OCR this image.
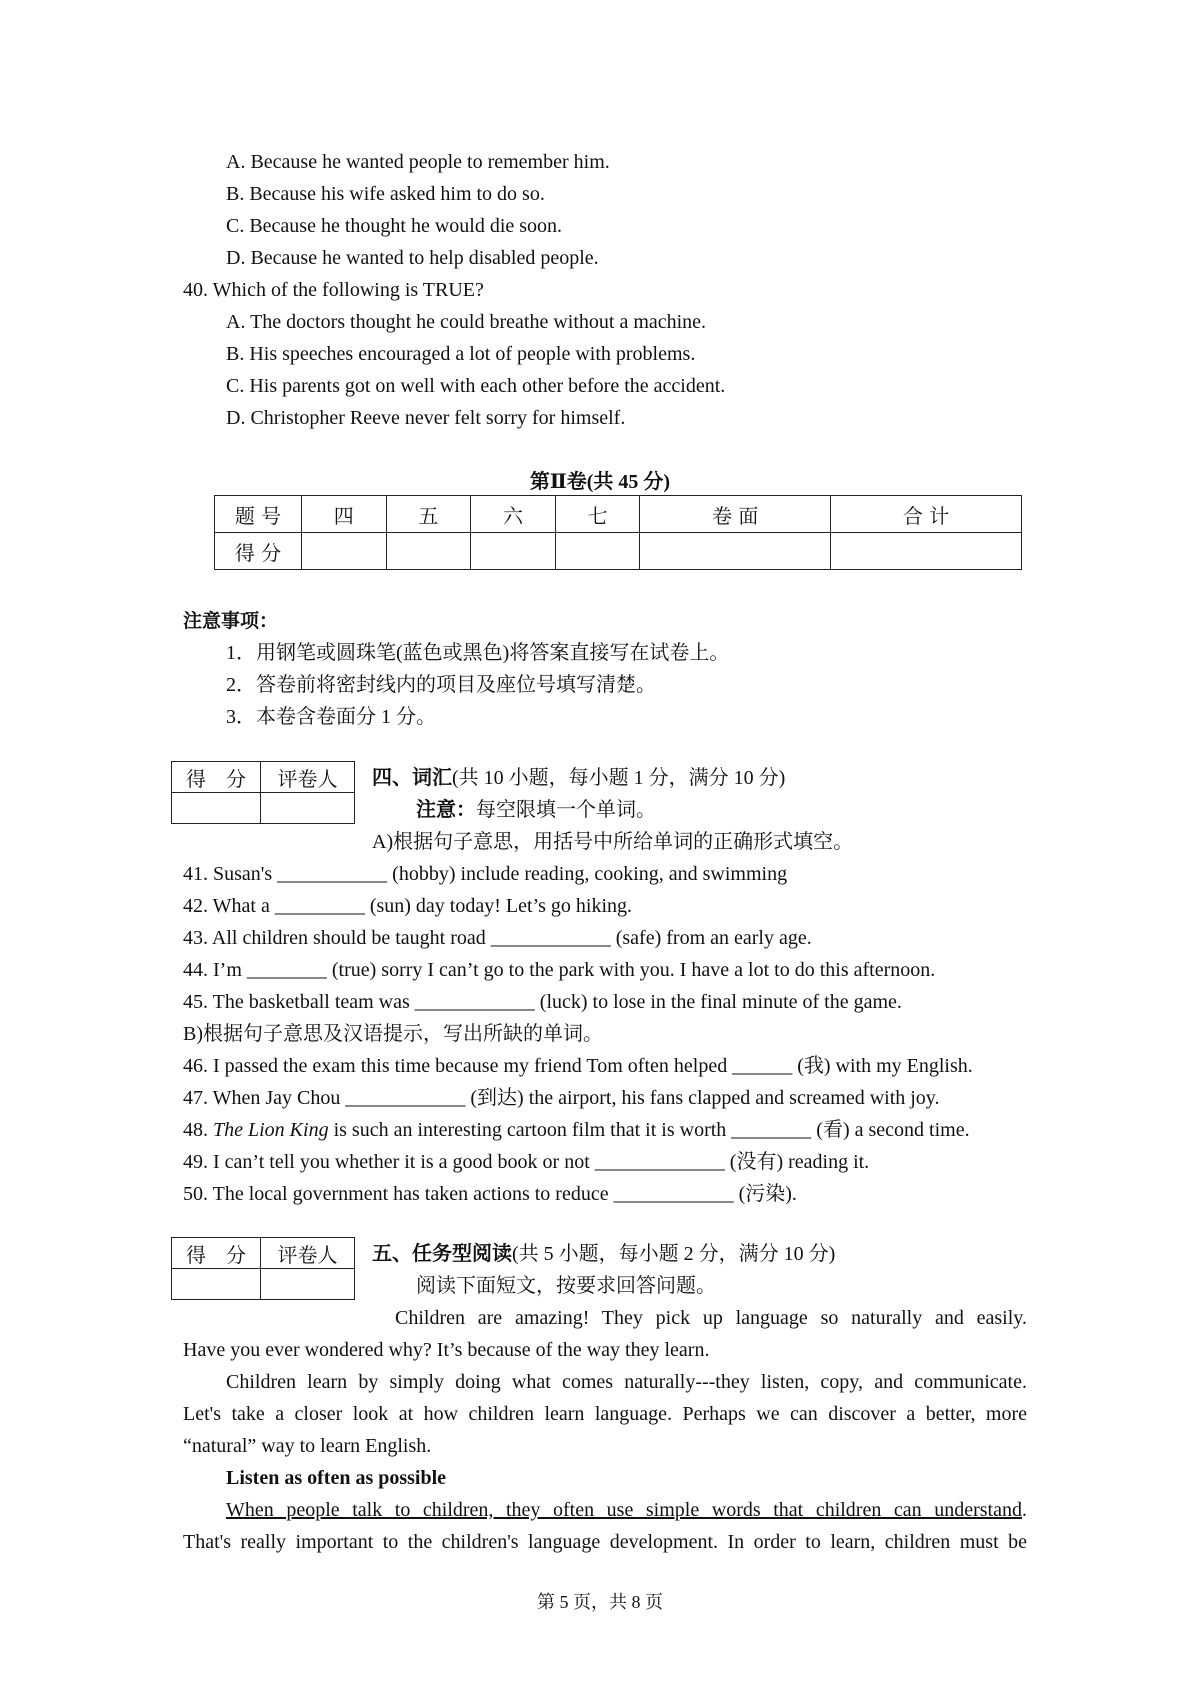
A. Because he wanted people to remember him.
B. Because his wife asked him to do so.
C. Because he thought he would die soon.
D. Because he wanted to help disabled people.
40. Which of the following is TRUE?
A. The doctors thought he could breathe without a machine.
B. His speeches encouraged a lot of people with problems.
C. His parents got on well with each other before the accident.
D. Christopher Reeve never felt sorry for himself.
第Ⅱ卷(共 45 分)
题 号	四	五	六	七	卷 面	合 计
得 分						
注意事项：
1．用钢笔或圆珠笔(蓝色或黑色)将答案直接写在试卷上。
2．答卷前将密封线内的项目及座位号填写清楚。
3．本卷含卷面分 1 分。
得　分	评卷人
	四、词汇(共 10 小题，每小题 1 分，满分 10 分)
注意：每空限填一个单词。
A)根据句子意思，用括号中所给单词的正确形式填空。
41. Susan's ___________ (hobby) include reading, cooking, and swimming
42. What a _________ (sun) day today! Let’s go hiking.
43. All children should be taught road ____________ (safe) from an early age.
44. I’m ________ (true) sorry I can’t go to the park with you. I have a lot to do this afternoon.
45. The basketball team was ____________ (luck) to lose in the final minute of the game.
B)根据句子意思及汉语提示，写出所缺的单词。
46. I passed the exam this time because my friend Tom often helped ______ (我) with my English.
47. When Jay Chou ____________ (到达) the airport, his fans clapped and screamed with joy.
48. The Lion King is such an interesting cartoon film that it is worth ________ (看) a second time.
49. I can’t tell you whether it is a good book or not _____________ (没有) reading it.
50. The local government has taken actions to reduce ____________ (污染).
得　分	评卷人
	五、任务型阅读(共 5 小题，每小题 2 分，满分 10 分)
阅读下面短文，按要求回答问题。
Children are amazing! They pick up language so naturally and easily.
Have you ever wondered why? It’s because of the way they learn.
Children learn by simply doing what comes naturally---they listen, copy, and communicate.
Let's take a closer look at how children learn language. Perhaps we can discover a better, more
“natural” way to learn English.
Listen as often as possible
When people talk to children, they often use simple words that children can understand.
That's really important to the children's language development. In order to learn, children must be
第 5 页，共 8 页
